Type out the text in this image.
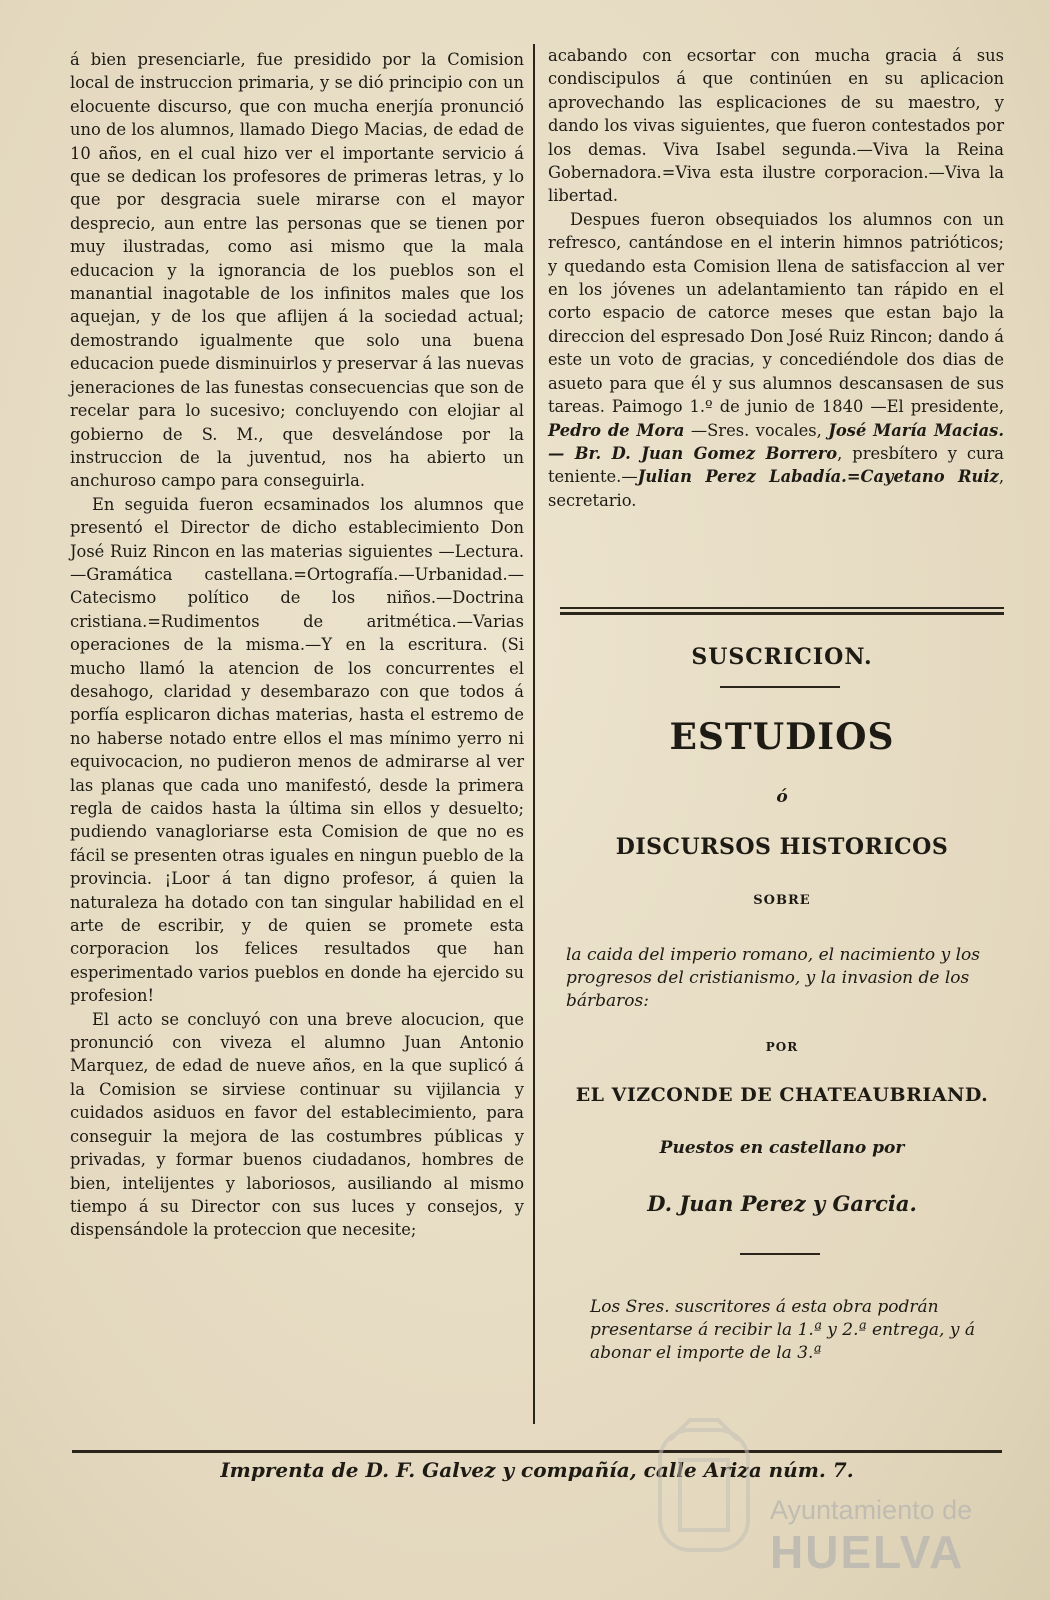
á bien presenciarle, fue presidido por la Comision local de instruccion primaria, y se dió principio con un elocuente discurso, que con mucha enerjía pronunció uno de los alumnos, llamado Diego Macias, de edad de 10 años, en el cual hizo ver el importante servicio á que se dedican los profesores de primeras letras, y lo que por desgracia suele mirarse con el mayor desprecio, aun entre las personas que se tienen por muy ilustradas, como asi mismo que la mala educacion y la ignorancia de los pueblos son el manantial inagotable de los infinitos males que los aquejan, y de los que aflijen á la sociedad actual; demostrando igualmente que solo una buena educacion puede disminuirlos y preservar á las nuevas jeneraciones de las funestas consecuencias que son de recelar para lo sucesivo; concluyendo con elojiar al gobierno de S. M., que desvelándose por la instruccion de la juventud, nos ha abierto un anchuroso campo para conseguirla.

En seguida fueron ecsaminados los alumnos que presentó el Director de dicho establecimiento Don José Ruiz Rincon en las materias siguientes —Lectura.—Gramática castellana.=Ortografía.—Urbanidad.—Catecismo político de los niños.—Doctrina cristiana.=Rudimentos de aritmética.—Varias operaciones de la misma.—Y en la escritura. (Si mucho llamó la atencion de los concurrentes el desahogo, claridad y desembarazo con que todos á porfía esplicaron dichas materias, hasta el estremo de no haberse notado entre ellos el mas mínimo yerro ni equivocacion, no pudieron menos de admirarse al ver las planas que cada uno manifestó, desde la primera regla de caidos hasta la última sin ellos y desuelto; pudiendo vanagloriarse esta Comision de que no es fácil se presenten otras iguales en ningun pueblo de la provincia. ¡Loor á tan digno profesor, á quien la naturaleza ha dotado con tan singular habilidad en el arte de escribir, y de quien se promete esta corporacion los felices resultados que han esperimentado varios pueblos en donde ha ejercido su profesion!

El acto se concluyó con una breve alocucion, que pronunció con viveza el alumno Juan Antonio Marquez, de edad de nueve años, en la que suplicó á la Comision se sirviese continuar su vijilancia y cuidados asiduos en favor del establecimiento, para conseguir la mejora de las costumbres públicas y privadas, y formar buenos ciudadanos, hombres de bien, intelijentes y laboriosos, ausiliando al mismo tiempo á su Director con sus luces y consejos, y dispensándole la proteccion que necesite;

acabando con ecsortar con mucha gracia á sus condiscipulos á que continúen en su aplicacion aprovechando las esplicaciones de su maestro, y dando los vivas siguientes, que fueron contestados por los demas. Viva Isabel segunda.—Viva la Reina Gobernadora.=Viva esta ilustre corporacion.—Viva la libertad.

Despues fueron obsequiados los alumnos con un refresco, cantándose en el interin himnos patrióticos; y quedando esta Comision llena de satisfaccion al ver en los jóvenes un adelantamiento tan rápido en el corto espacio de catorce meses que estan bajo la direccion del espresado Don José Ruiz Rincon; dando á este un voto de gracias, y concediéndole dos dias de asueto para que él y sus alumnos descansasen de sus tareas. Paimogo 1.º de junio de 1840 —El presidente, Pedro de Mora —Sres. vocales, José María Macias.— Br. D. Juan Gomez Borrero, presbítero y cura teniente.—Julian Perez Labadía.=Cayetano Ruiz, secretario.

SUSCRICION.
ESTUDIOS
ó
DISCURSOS HISTORICOS
SOBRE
la caida del imperio romano, el nacimiento y los progresos del cristianismo, y la invasion de los bárbaros:
POR
EL VIZCONDE DE CHATEAUBRIAND.
Puestos en castellano por
D. Juan Perez y Garcia.
Los Sres. suscritores á esta obra podrán presentarse á recibir la 1.ª y 2.ª entrega, y á abonar el importe de la 3.ª
Imprenta de D. F. Galvez y compañía, calle Ariza núm. 7.
Ayuntamiento de
HUELVA
